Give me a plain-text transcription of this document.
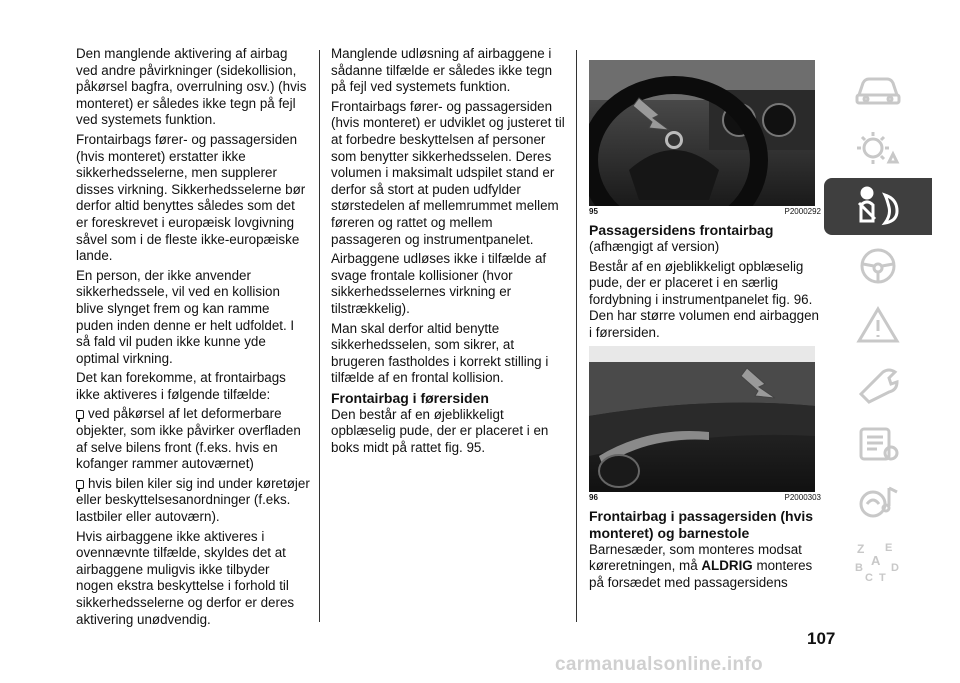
Den manglende aktivering af airbag ved andre påvirkninger (sidekollision, påkørsel bagfra, overrulning osv.) (hvis monteret) er således ikke tegn på fejl ved systemets funktion.

Frontairbags fører- og passagersiden (hvis monteret) erstatter ikke sikkerhedsselerne, men supplerer disses virkning. Sikkerhedsselerne bør derfor altid benyttes således som det er foreskrevet i europæisk lovgivning såvel som i de fleste ikke-europæiske lande.

En person, der ikke anvender sikkerhedssele, vil ved en kollision blive slynget frem og kan ramme puden inden denne er helt udfoldet. I så fald vil puden ikke kunne yde optimal virkning.

Det kan forekomme, at frontairbags ikke aktiveres i følgende tilfælde:

ved påkørsel af let deformerbare objekter, som ikke påvirker overfladen af selve bilens front (f.eks. hvis en kofanger rammer autoværnet)

hvis bilen kiler sig ind under køretøjer eller beskyttelsesanordninger (f.eks. lastbiler eller autoværn).

Hvis airbaggene ikke aktiveres i ovennævnte tilfælde, skyldes det at airbaggene muligvis ikke tilbyder nogen ekstra beskyttelse i forhold til sikkerhedsselerne og derfor er deres aktivering unødvendig.

Manglende udløsning af airbaggene i sådanne tilfælde er således ikke tegn på fejl ved systemets funktion.

Frontairbags fører- og passagersiden (hvis monteret) er udviklet og justeret til at forbedre beskyttelsen af personer som benytter sikkerhedsselen. Deres volumen i maksimalt udspilet stand er derfor så stort at puden udfylder størstedelen af mellemrummet mellem føreren og rattet og mellem passageren og instrumentpanelet.

Airbaggene udløses ikke i tilfælde af svage frontale kollisioner (hvor sikkerhedsselernes virkning er tilstrækkelig).

Man skal derfor altid benytte sikkerhedsselen, som sikrer, at brugeren fastholdes i korrekt stilling i tilfælde af en frontal kollision.

Frontairbag i førersiden

Den består af en øjeblikkeligt opblæselig pude, der er placeret i en boks midt på rattet fig. 95.

95	P2000292
Passagersidens frontairbag

(afhængigt af version)

Består af en øjeblikkeligt opblæselig pude, der er placeret i en særlig fordybning i instrumentpanelet fig. 96. Den har større volumen end airbaggen i førersiden.

96	P2000303
Frontairbag i passagersiden (hvis monteret) og barnestole

Barnesæder, som monteres modsat køreretningen, må ALDRIG monteres på forsædet med passagersidens

107
carmanualsonline.info
Z E
A
B
C T
D
